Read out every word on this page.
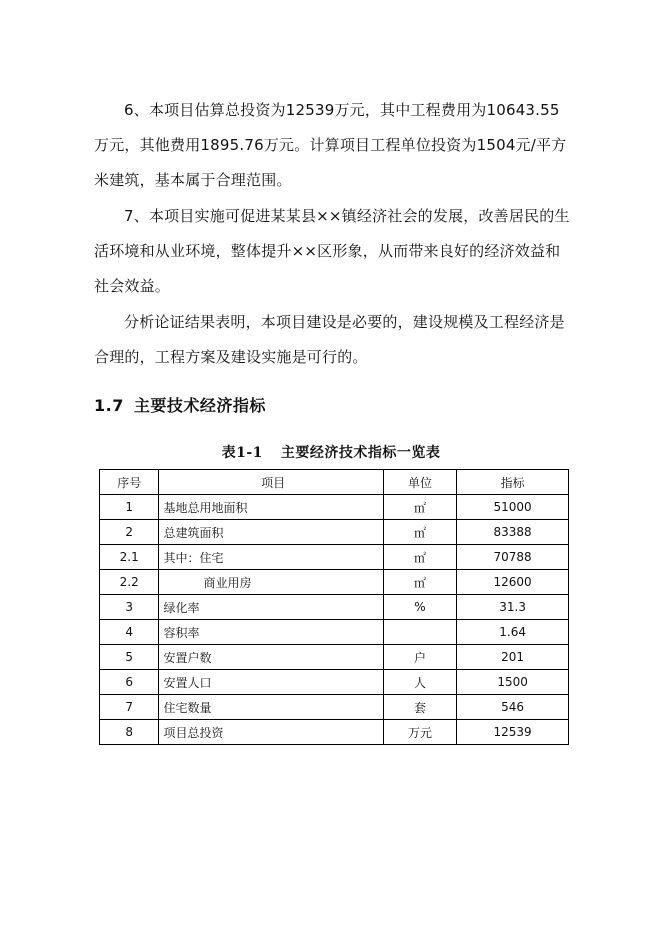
6、本项目估算总投资为12539万元，其中工程费用为10643.55万元，其他费用1895.76万元。计算项目工程单位投资为1504元/平方米建筑，基本属于合理范围。

7、本项目实施可促进某某县××镇经济社会的发展，改善居民的生活环境和从业环境，整体提升××区形象，从而带来良好的经济效益和社会效益。

分析论证结果表明，本项目建设是必要的，建设规模及工程经济是合理的，工程方案及建设实施是可行的。

1.7 主要技术经济指标

表1-1 主要经济技术指标一览表

序号	项目	单位	指标
1	基地总用地面积	㎡	51000
2	总建筑面积	㎡	83388
2.1	其中：住宅	㎡	70788
2.2	商业用房	㎡	12600
3	绿化率	%	31.3
4	容积率		1.64
5	安置户数	户	201
6	安置人口	人	1500
7	住宅数量	套	546
8	项目总投资	万元	12539
